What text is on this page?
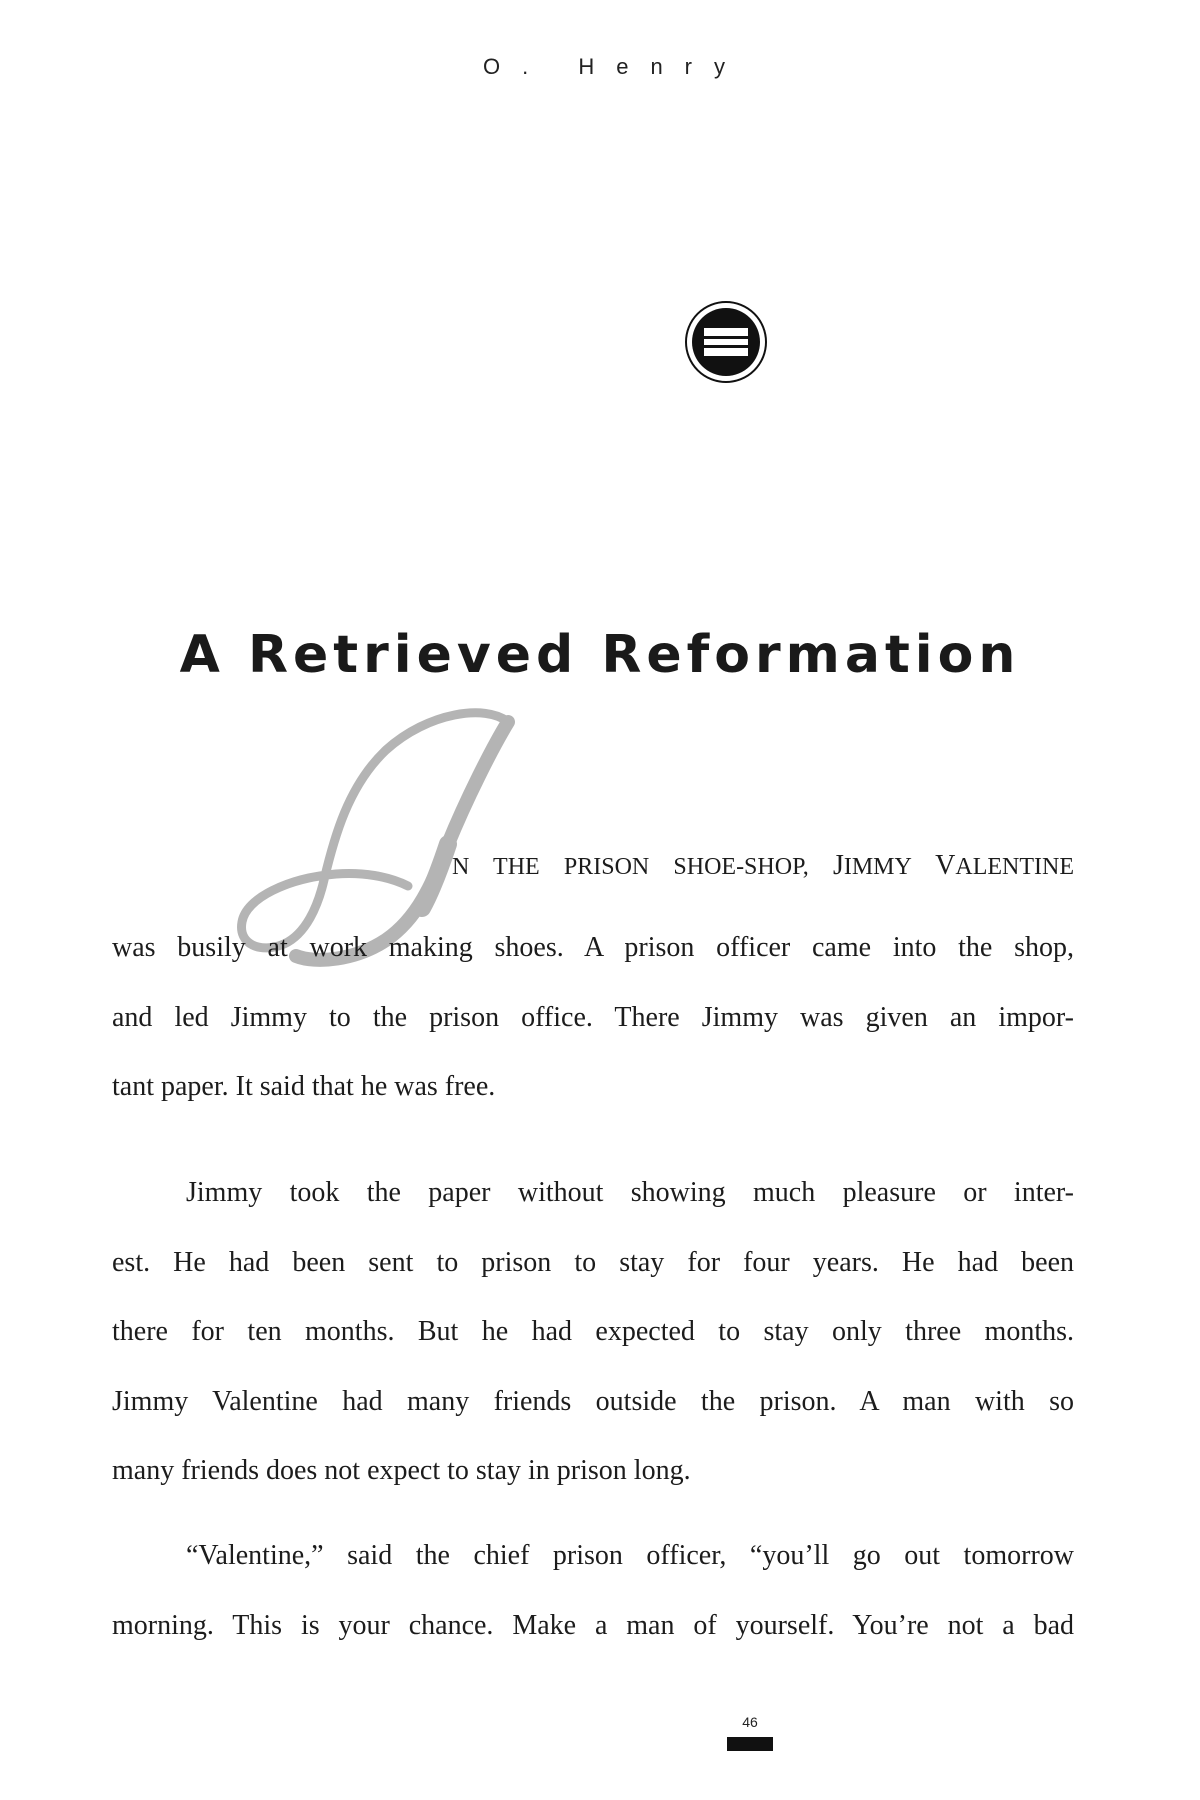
O. Henry
A Retrieved Reformation
N THE PRISON SHOE-SHOP, JIMMY VALENTINE
was busily at work making shoes. A prison officer came into the shop,
and led Jimmy to the prison office. There Jimmy was given an impor-
tant paper. It said that he was free.
Jimmy took the paper without showing much pleasure or inter-
est. He had been sent to prison to stay for four years. He had been
there for ten months. But he had expected to stay only three months.
Jimmy Valentine had many friends outside the prison. A man with so
many friends does not expect to stay in prison long.
“Valentine,” said the chief prison officer, “you’ll go out tomorrow
morning. This is your chance. Make a man of yourself. You’re not a bad
46
